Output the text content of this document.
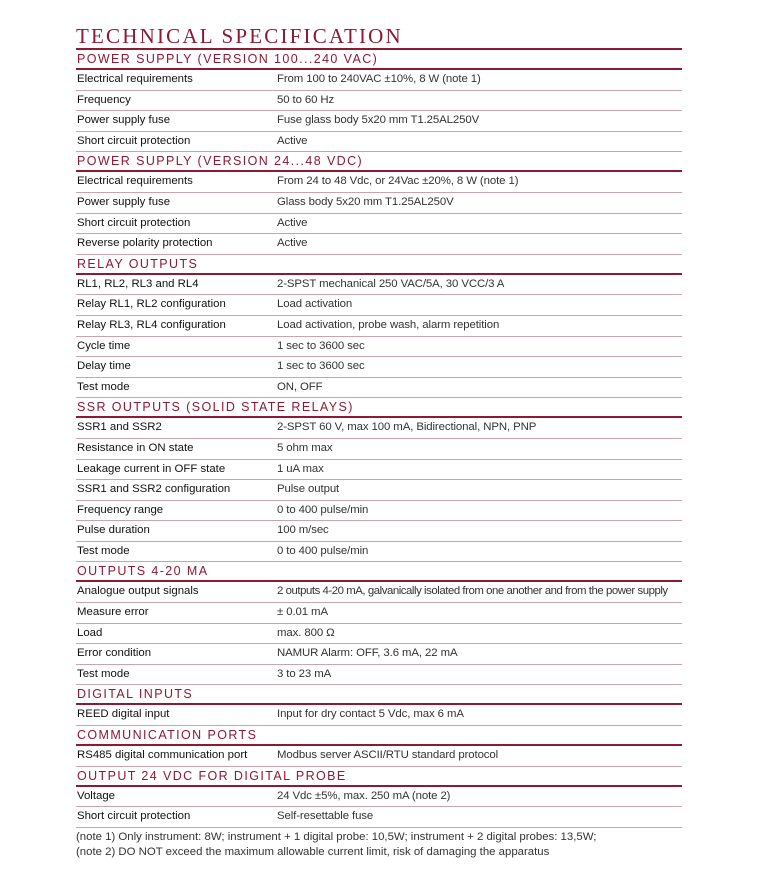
TECHNICAL SPECIFICATION
POWER SUPPLY (VERSION 100...240 VAC)
Electrical requirements	From 100 to 240VAC ±10%, 8 W (note 1)
Frequency	50 to 60 Hz
Power supply fuse	Fuse glass body 5x20 mm T1.25AL250V
Short circuit protection	Active
POWER SUPPLY (VERSION 24...48 VDC)
Electrical requirements	From 24 to 48 Vdc, or 24Vac ±20%, 8 W (note 1)
Power supply fuse	Glass body 5x20 mm T1.25AL250V
Short circuit protection	Active
Reverse polarity protection	Active
RELAY OUTPUTS
RL1, RL2, RL3 and RL4	2-SPST mechanical 250 VAC/5A, 30 VCC/3 A
Relay RL1, RL2 configuration	Load activation
Relay RL3, RL4 configuration	Load activation, probe wash, alarm repetition
Cycle time	1 sec to 3600 sec
Delay time	1 sec to 3600 sec
Test mode	ON, OFF
SSR OUTPUTS (SOLID STATE RELAYS)
SSR1 and SSR2	2-SPST 60 V, max 100 mA, Bidirectional, NPN, PNP
Resistance in ON state	5 ohm max
Leakage current in OFF state	1 uA max
SSR1 and SSR2 configuration	Pulse output
Frequency range	0 to 400 pulse/min
Pulse duration	100 m/sec
Test mode	0 to 400 pulse/min
OUTPUTS 4-20 MA
Analogue output signals	2 outputs 4-20 mA, galvanically isolated from one another and from the power supply
Measure error	± 0.01 mA
Load	max. 800 Ω
Error condition	NAMUR Alarm: OFF, 3.6 mA, 22 mA
Test mode	3 to 23 mA
DIGITAL INPUTS
REED digital input	Input for dry contact 5 Vdc, max 6 mA
COMMUNICATION PORTS
RS485 digital communication port	Modbus server ASCII/RTU standard protocol
OUTPUT 24 VDC FOR DIGITAL PROBE
Voltage	24 Vdc ±5%, max. 250 mA (note 2)
Short circuit protection	Self-resettable fuse
(note 1) Only instrument: 8W; instrument + 1 digital probe: 10,5W; instrument + 2 digital probes: 13,5W;
(note 2) DO NOT exceed the maximum allowable current limit, risk of damaging the apparatus
